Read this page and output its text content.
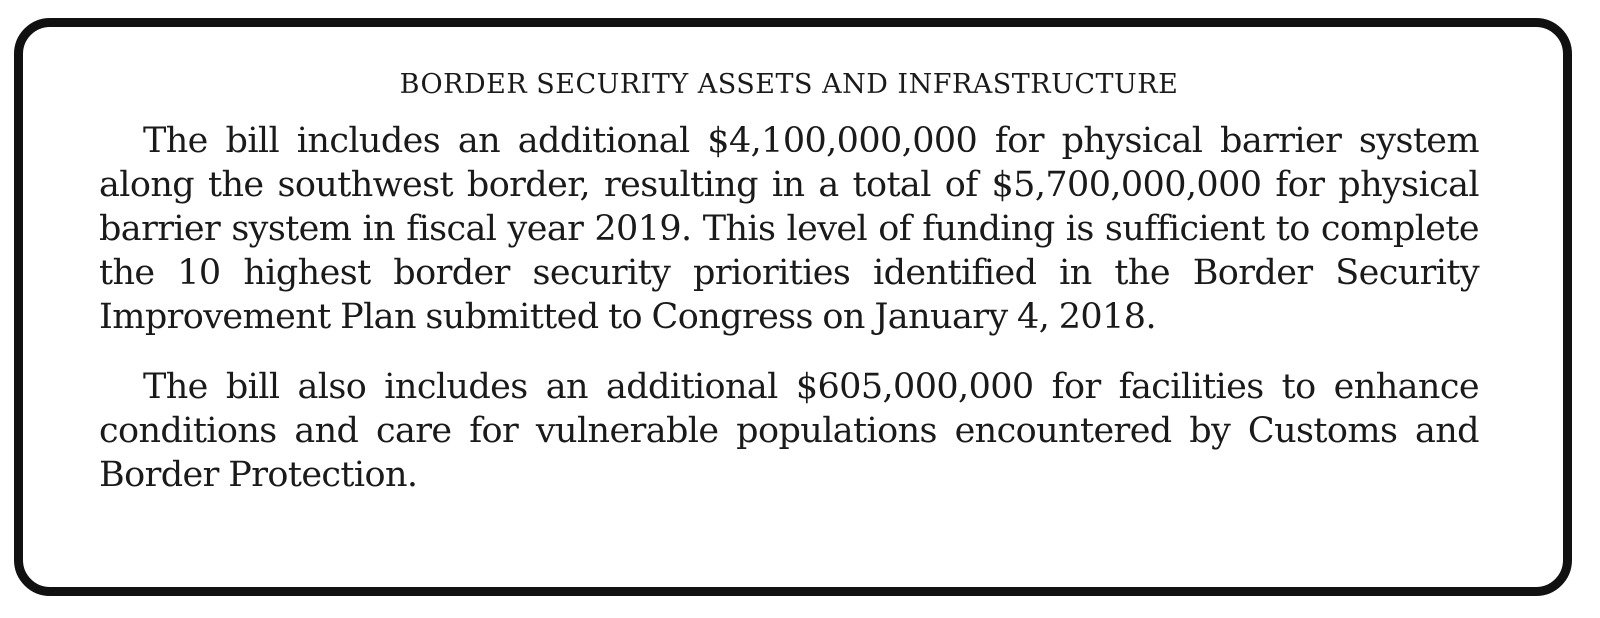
BORDER SECURITY ASSETS AND INFRASTRUCTURE

The bill includes an additional $4,100,000,000 for physical barrier system along the southwest border, resulting in a total of $5,700,000,000 for physical barrier system in fiscal year 2019. This level of funding is sufficient to complete the 10 highest border security priorities identified in the Border Security Improvement Plan submitted to Congress on January 4, 2018.

The bill also includes an additional $605,000,000 for facilities to enhance conditions and care for vulnerable populations encountered by Customs and Border Protection.
